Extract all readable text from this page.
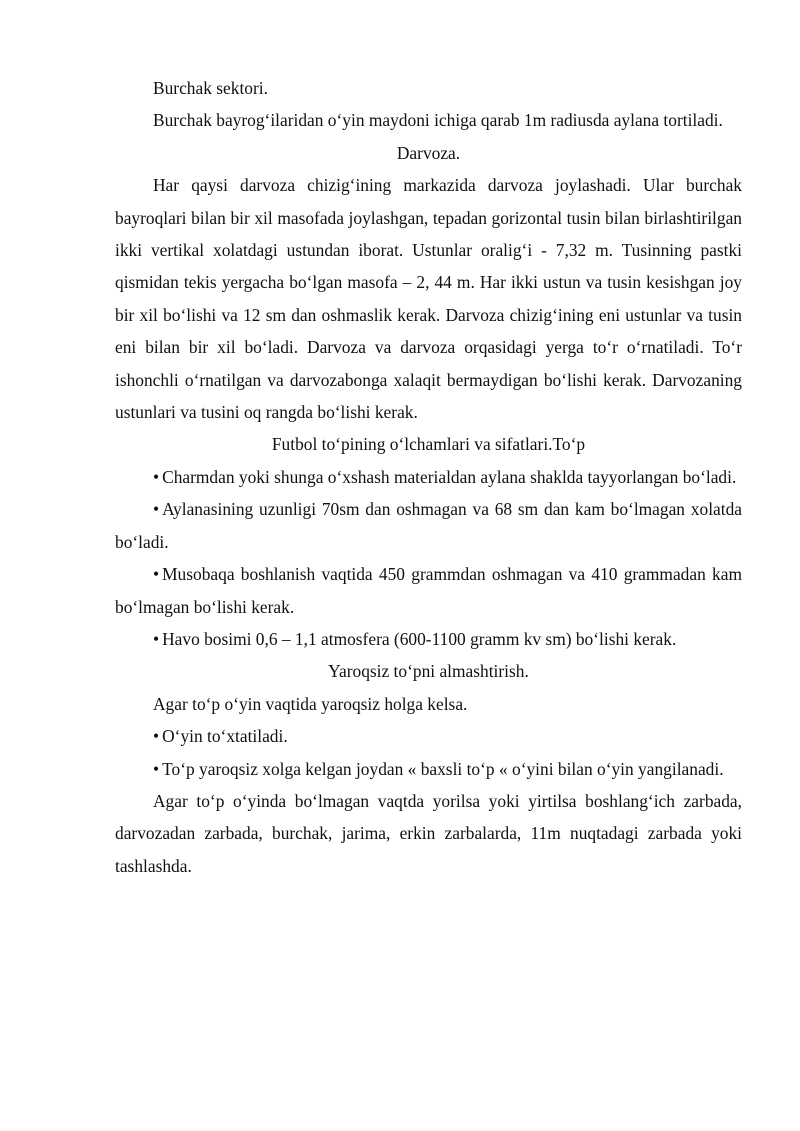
Burchak sektori.

Burchak bayrog‘ilaridan o‘yin maydoni ichiga qarab 1m radiusda aylana tortiladi.

Darvoza.

Har qaysi darvoza chizig‘ining markazida darvoza joylashadi. Ular burchak bayroqlari bilan bir xil masofada joylashgan, tepadan gorizontal tusin bilan birlashtirilgan ikki vertikal xolatdagi ustundan iborat. Ustunlar oralig‘i - 7,32 m. Tusinning pastki qismidan tekis yergacha bo‘lgan masofa – 2, 44 m. Har ikki ustun va tusin kesishgan joy bir xil bo‘lishi va 12 sm dan oshmaslik kerak. Darvoza chizig‘ining eni ustunlar va tusin eni bilan bir xil bo‘ladi. Darvoza va darvoza orqasidagi yerga to‘r o‘rnatiladi. To‘r ishonchli o‘rnatilgan va darvozabonga xalaqit bermaydigan bo‘lishi kerak. Darvozaning ustunlari va tusini oq rangda bo‘lishi kerak.

Futbol to‘pining o‘lchamlari va sifatlari.To‘p

• Charmdan yoki shunga o‘xshash materialdan aylana shaklda tayyorlangan bo‘ladi.

• Aylanasining uzunligi 70sm dan oshmagan va 68 sm dan kam bo‘lmagan xolatda bo‘ladi.

• Musobaqa boshlanish vaqtida 450 grammdan oshmagan va 410 grammadan kam bo‘lmagan bo‘lishi kerak.

• Havo bosimi 0,6 – 1,1 atmosfera (600-1100 gramm kv sm) bo‘lishi kerak.

Yaroqsiz to‘pni almashtirish.

Agar to‘p o‘yin vaqtida yaroqsiz holga kelsa.

• O‘yin to‘xtatiladi.

• To‘p yaroqsiz xolga kelgan joydan « baxsli to‘p « o‘yini bilan o‘yin yangilanadi.

Agar to‘p o‘yinda bo‘lmagan vaqtda yorilsa yoki yirtilsa boshlang‘ich zarbada, darvozadan zarbada, burchak, jarima, erkin zarbalarda, 11m nuqtadagi zarbada yoki tashlashda.
